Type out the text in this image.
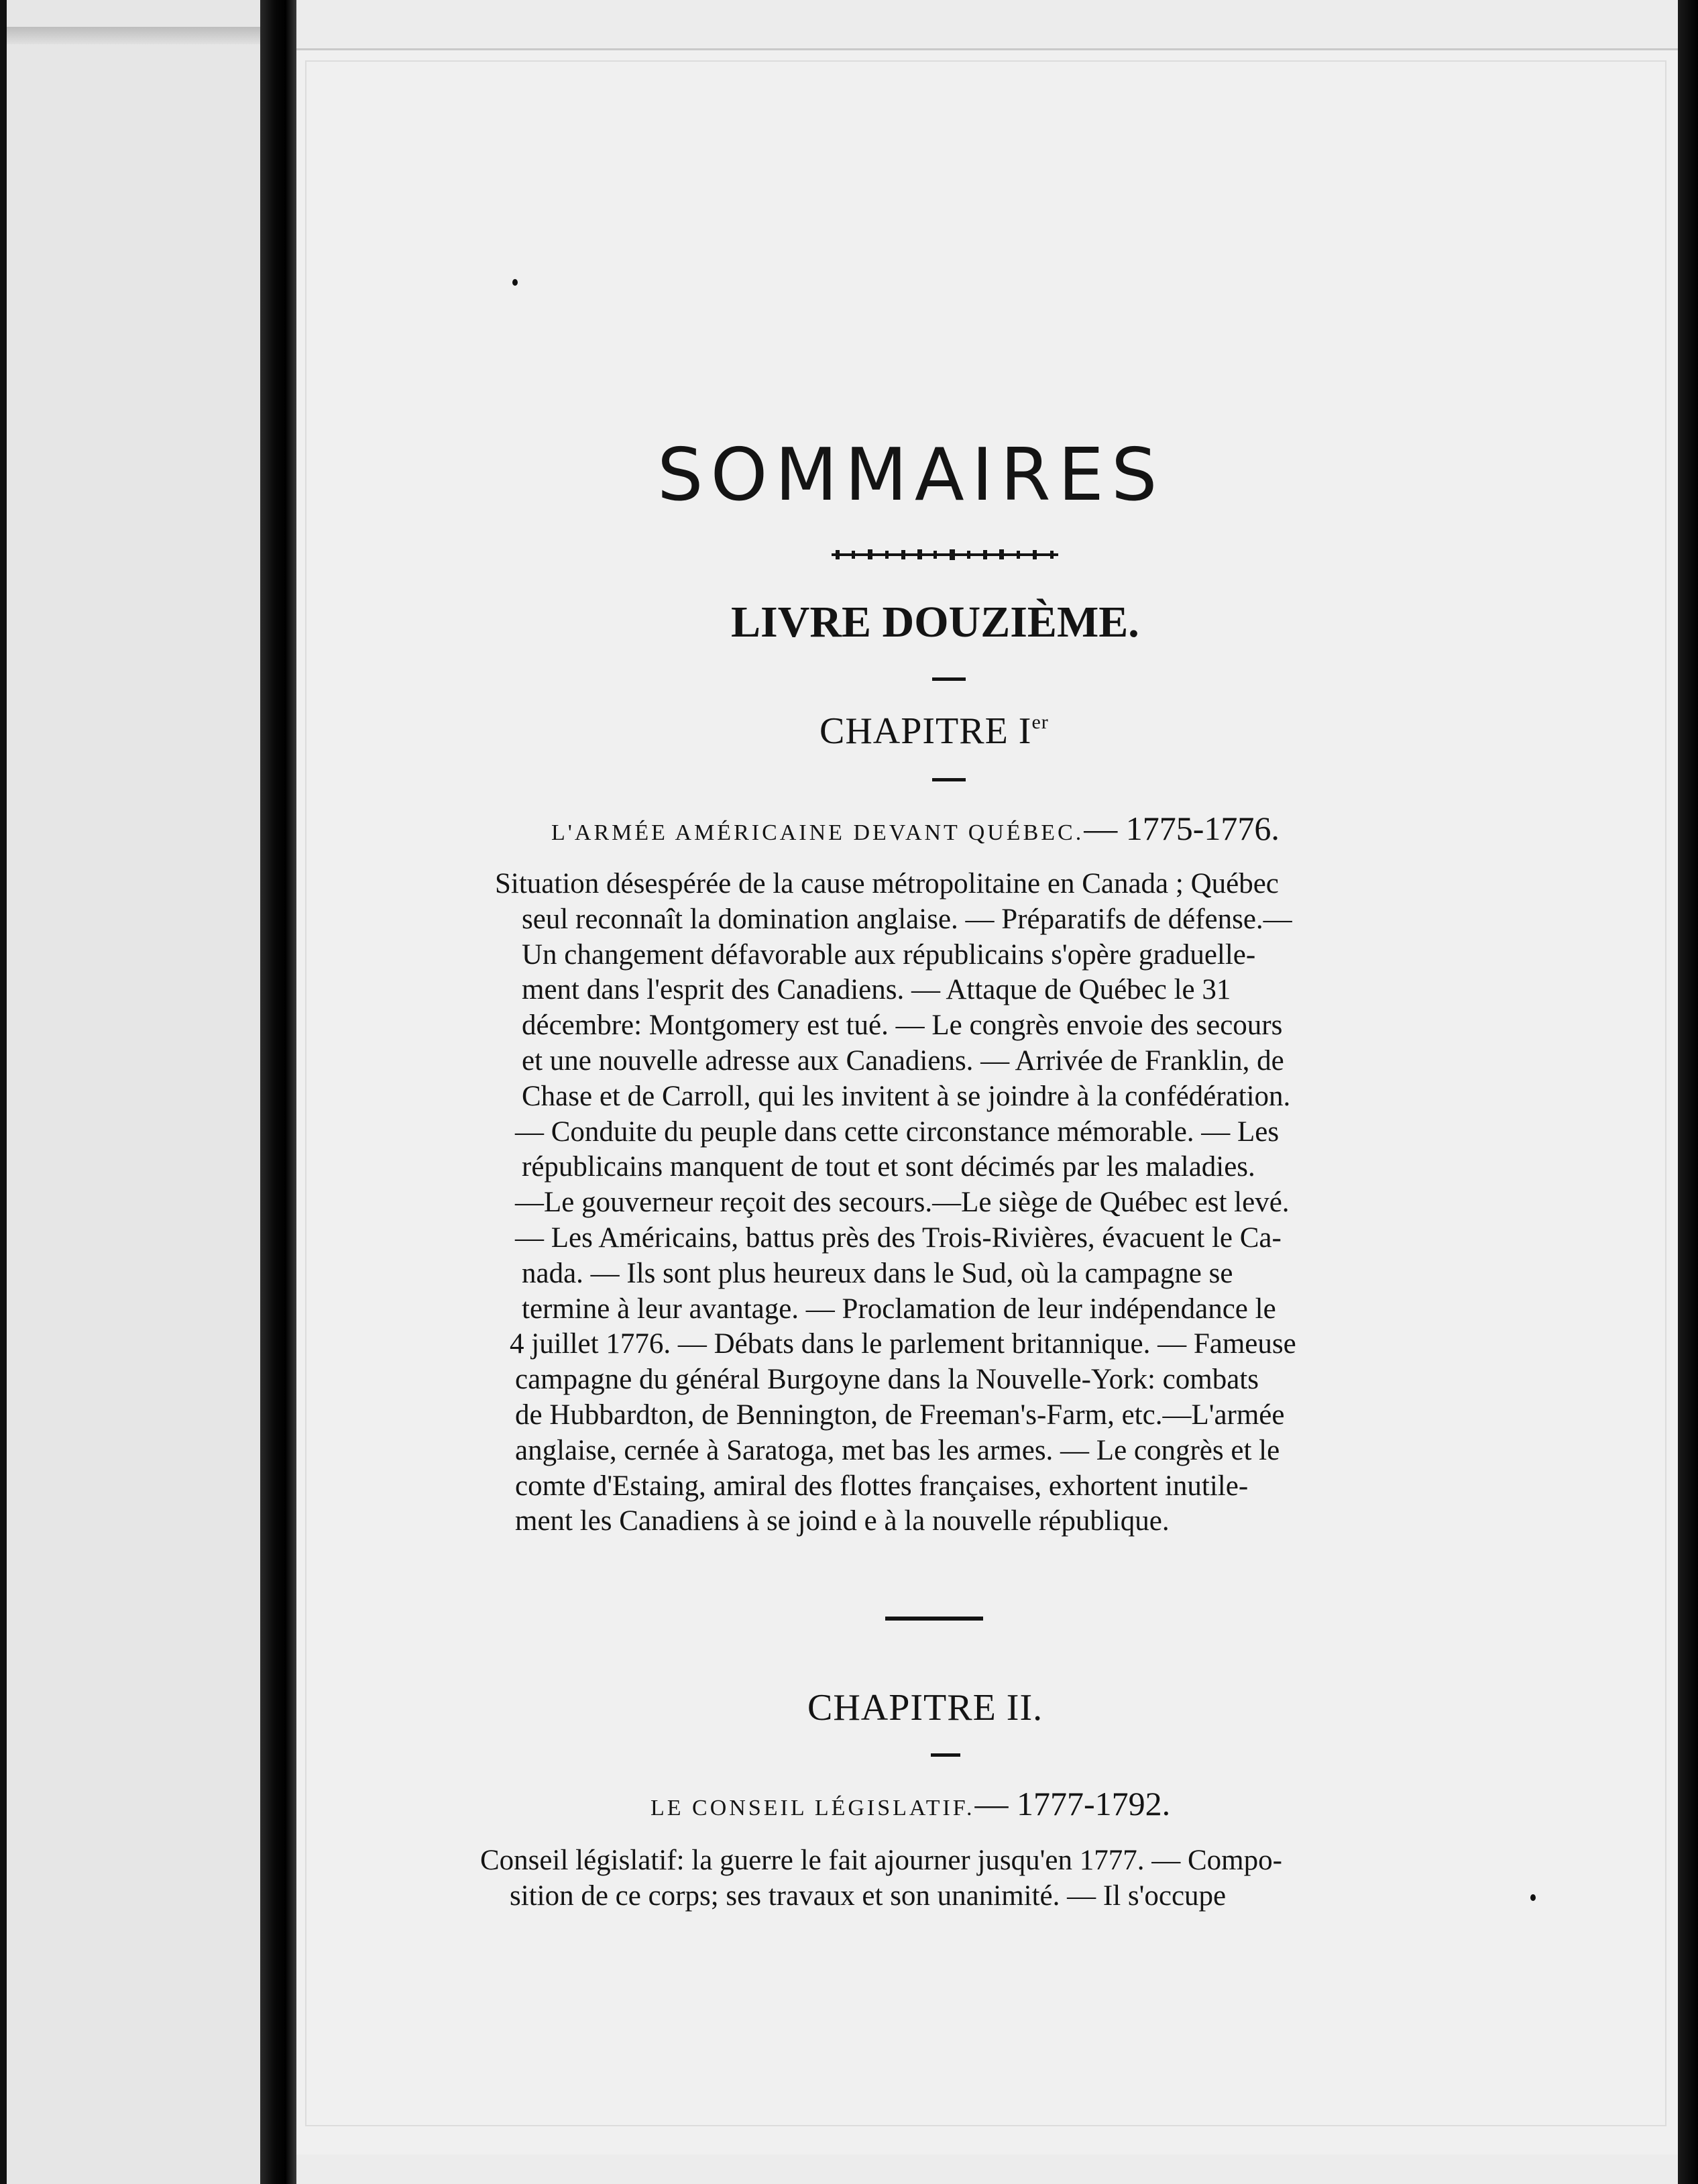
SOMMAIRES
LIVRE DOUZIÈME.
CHAPITRE Ier

L'ARMÉE AMÉRICAINE DEVANT QUÉBEC.— 1775-1776.

Situation désespérée de la cause métropolitaine en Canada ; Québec
seul reconnaît la domination anglaise. — Préparatifs de défense.—
Un changement défavorable aux républicains s'opère graduelle-
ment dans l'esprit des Canadiens. — Attaque de Québec le 31
décembre: Montgomery est tué. — Le congrès envoie des secours
et une nouvelle adresse aux Canadiens. — Arrivée de Franklin, de
Chase et de Carroll, qui les invitent à se joindre à la confédération.
— Conduite du peuple dans cette circonstance mémorable. — Les
républicains manquent de tout et sont décimés par les maladies.
—Le gouverneur reçoit des secours.—Le siège de Québec est levé.
— Les Américains, battus près des Trois-Rivières, évacuent le Ca-
nada. — Ils sont plus heureux dans le Sud, où la campagne se
termine à leur avantage. — Proclamation de leur indépendance le
4 juillet 1776. — Débats dans le parlement britannique. — Fameuse
campagne du général Burgoyne dans la Nouvelle-York: combats
de Hubbardton, de Bennington, de Freeman's-Farm, etc.—L'armée
anglaise, cernée à Saratoga, met bas les armes. — Le congrès et le
comte d'Estaing, amiral des flottes françaises, exhortent inutile-
ment les Canadiens à se joind e à la nouvelle république.
CHAPITRE II.

LE CONSEIL LÉGISLATIF.— 1777-1792.

Conseil législatif: la guerre le fait ajourner jusqu'en 1777. — Compo-
sition de ce corps; ses travaux et son unanimité. — Il s'occupe
